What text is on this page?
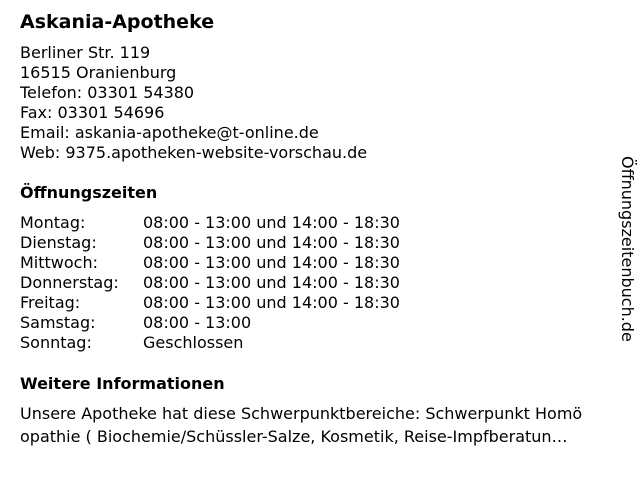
Askania-Apotheke
Berliner Str. 119
16515 Oranienburg
Telefon: 03301 54380
Fax: 03301 54696
Email: askania-apotheke@t-online.de
Web: 9375.apotheken-website-vorschau.de
Öffnungszeiten
Montag:	08:00 - 13:00 und 14:00 - 18:30
Dienstag:	08:00 - 13:00 und 14:00 - 18:30
Mittwoch:	08:00 - 13:00 und 14:00 - 18:30
Donnerstag: 08:00 - 13:00 und 14:00 - 18:30
Freitag:	08:00 - 13:00 und 14:00 - 18:30
Samstag:	08:00 - 13:00
Sonntag:	Geschlossen
Weitere Informationen
Unsere Apotheke hat diese Schwerpunktbereiche: Schwerpunkt Homö
opathie ( Biochemie/Schüssler-Salze, Kosmetik, Reise-Impfberatun…
Öffnungszeitenbuch.de
